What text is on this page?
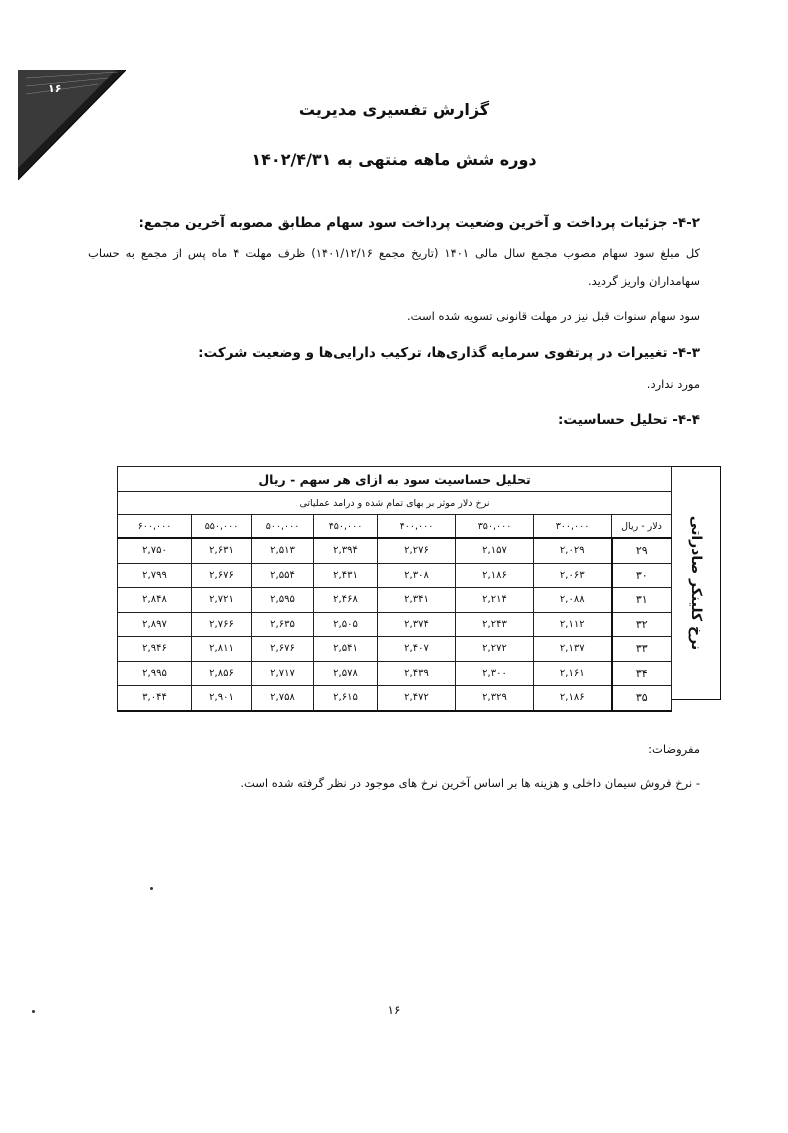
۱۶
گزارش تفسیری مدیریت
دوره شش ماهه منتهی به ۱۴۰۲/۴/۳۱
۴-۲- جزئیات پرداخت و آخرین وضعیت پرداخت سود سهام مطابق مصوبه آخرین مجمع:
کل مبلغ سود سهام مصوب مجمع سال مالی ۱۴۰۱ (تاریخ مجمع ۱۴۰۱/۱۲/۱۶) ظرف مهلت ۴ ماه پس از مجمع به حساب
سهامداران واریز گردید.
سود سهام سنوات قبل نیز در مهلت قانونی تسویه شده است.
۴-۳- تغییرات در پرتفوی سرمایه گذاری‌ها، ترکیب دارایی‌ها و وضعیت شرکت:
مورد ندارد.
۴-۴- تحلیل حساسیت:
نرخ کلینکر صادراتی
تحلیل حساسیت سود به ازای هر سهم - ریال							
نرخ دلار موثر بر بهای تمام شده و درامد عملیاتی							
دلار - ریال	۳۰۰,۰۰۰	۳۵۰,۰۰۰	۴۰۰,۰۰۰	۴۵۰,۰۰۰	۵۰۰,۰۰۰	۵۵۰,۰۰۰	۶۰۰,۰۰۰
۲۹	۲,۰۲۹	۲,۱۵۷	۲,۲۷۶	۲,۳۹۴	۲,۵۱۳	۲,۶۳۱	۲,۷۵۰
۳۰	۲,۰۶۳	۲,۱۸۶	۲,۳۰۸	۲,۴۳۱	۲,۵۵۴	۲,۶۷۶	۲,۷۹۹
۳۱	۲,۰۸۸	۲,۲۱۴	۲,۳۴۱	۲,۴۶۸	۲,۵۹۵	۲,۷۲۱	۲,۸۴۸
۳۲	۲,۱۱۲	۲,۲۴۳	۲,۳۷۴	۲,۵۰۵	۲,۶۳۵	۲,۷۶۶	۲,۸۹۷
۳۳	۲,۱۳۷	۲,۲۷۲	۲,۴۰۷	۲,۵۴۱	۲,۶۷۶	۲,۸۱۱	۲,۹۴۶
۳۴	۲,۱۶۱	۲,۳۰۰	۲,۴۳۹	۲,۵۷۸	۲,۷۱۷	۲,۸۵۶	۲,۹۹۵
۳۵	۲,۱۸۶	۲,۳۲۹	۲,۴۷۲	۲,۶۱۵	۲,۷۵۸	۲,۹۰۱	۳,۰۴۴
مفروضات:
- نرخ فروش سیمان داخلی و هزینه ها بر اساس آخرین نرخ های موجود در نظر گرفته شده است.
۱۶
